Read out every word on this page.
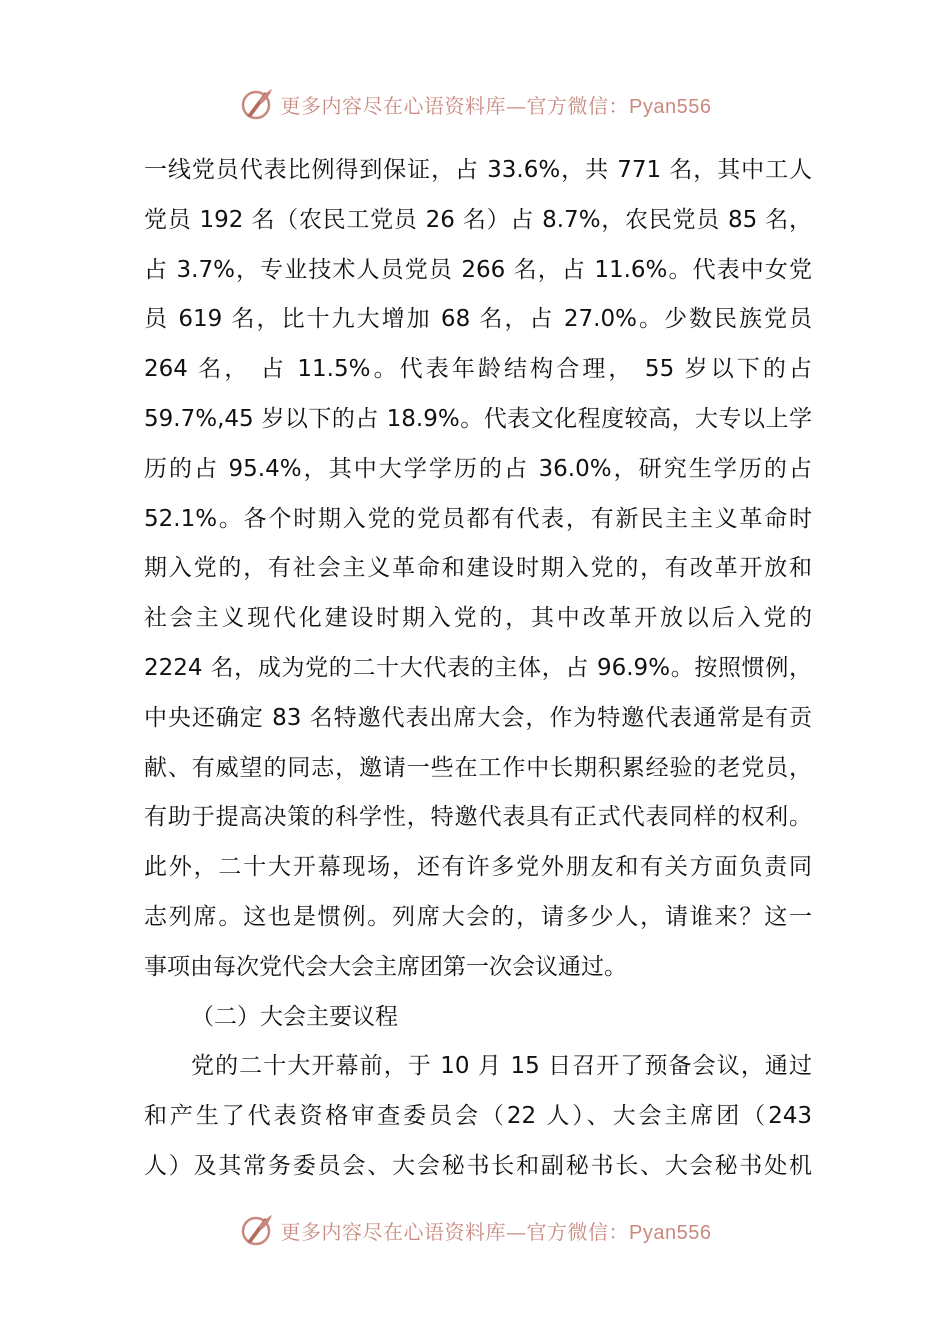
更多内容尽在心语资料库—官方微信：Pyan556
一线党员代表比例得到保证，占 33.6%，共 771 名，其中工人
党员 192 名（农民工党员 26 名）占 8.7%，农民党员 85 名，
占 3.7%，专业技术人员党员 266 名，占 11.6%。代表中女党
员 619 名，比十九大增加 68 名，占 27.0%。少数民族党员
264 名， 占 11.5%。代表年龄结构合理， 55 岁以下的占
59.7%,45 岁以下的占 18.9%。代表文化程度较高，大专以上学
历的占 95.4%，其中大学学历的占 36.0%，研究生学历的占
52.1%。各个时期入党的党员都有代表，有新民主主义革命时
期入党的，有社会主义革命和建设时期入党的，有改革开放和
社会主义现代化建设时期入党的，其中改革开放以后入党的
2224 名，成为党的二十大代表的主体，占 96.9%。按照惯例，
中央还确定 83 名特邀代表出席大会，作为特邀代表通常是有贡
献、有威望的同志，邀请一些在工作中长期积累经验的老党员，
有助于提高决策的科学性，特邀代表具有正式代表同样的权利。
此外，二十大开幕现场，还有许多党外朋友和有关方面负责同
志列席。这也是惯例。列席大会的，请多少人，请谁来？这一
事项由每次党代会大会主席团第一次会议通过。
（二）大会主要议程
党的二十大开幕前，于 10 月 15 日召开了预备会议，通过
和产生了代表资格审查委员会（22 人）、大会主席团（243
人）及其常务委员会、大会秘书长和副秘书长、大会秘书处机
更多内容尽在心语资料库—官方微信：Pyan556
